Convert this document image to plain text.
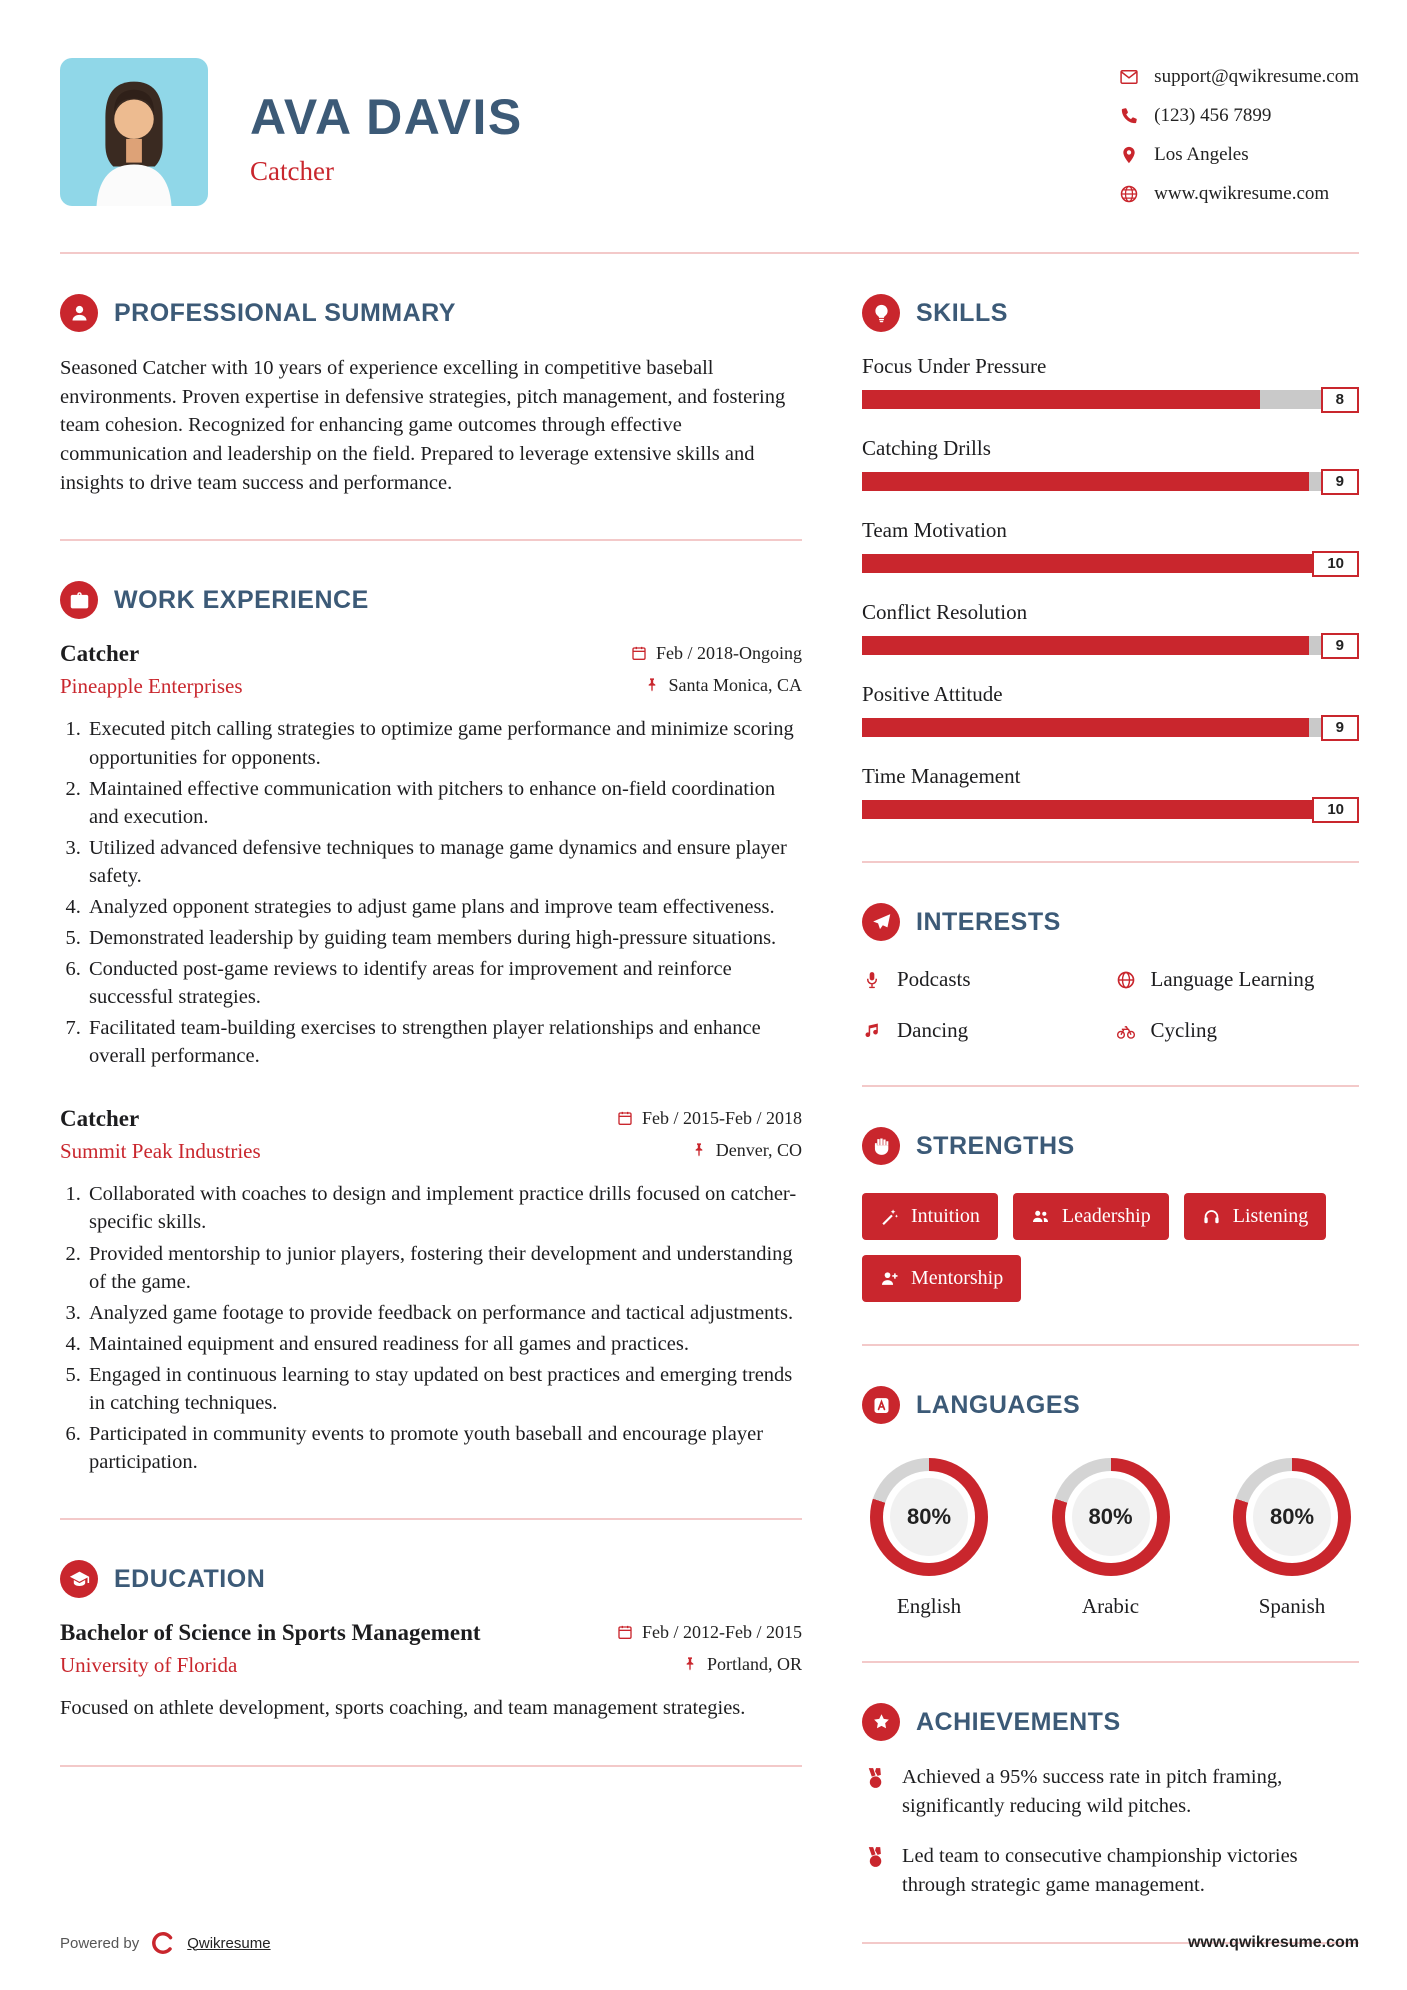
AVA DAVIS
Catcher
support@qwikresume.com
(123) 456 7899
Los Angeles
www.qwikresume.com
PROFESSIONAL SUMMARY

Seasoned Catcher with 10 years of experience excelling in competitive baseball environments. Proven expertise in defensive strategies, pitch management, and fostering team cohesion. Recognized for enhancing game outcomes through effective communication and leadership on the field. Prepared to leverage extensive skills and insights to drive team success and performance.

WORK EXPERIENCE
Catcher	Feb / 2018-Ongoing
Pineapple Enterprises	Santa Monica, CA
1. Executed pitch calling strategies to optimize game performance and minimize scoring opportunities for opponents.
2. Maintained effective communication with pitchers to enhance on-field coordination and execution.
3. Utilized advanced defensive techniques to manage game dynamics and ensure player safety.
4. Analyzed opponent strategies to adjust game plans and improve team effectiveness.
5. Demonstrated leadership by guiding team members during high-pressure situations.
6. Conducted post-game reviews to identify areas for improvement and reinforce successful strategies.
7. Facilitated team-building exercises to strengthen player relationships and enhance overall performance.
Catcher	Feb / 2015-Feb / 2018
Summit Peak Industries	Denver, CO
1. Collaborated with coaches to design and implement practice drills focused on catcher-specific skills.
2. Provided mentorship to junior players, fostering their development and understanding of the game.
3. Analyzed game footage to provide feedback on performance and tactical adjustments.
4. Maintained equipment and ensured readiness for all games and practices.
5. Engaged in continuous learning to stay updated on best practices and emerging trends in catching techniques.
6. Participated in community events to promote youth baseball and encourage player participation.
EDUCATION
Bachelor of Science in Sports Management	Feb / 2012-Feb / 2015
University of Florida	Portland, OR

Focused on athlete development, sports coaching, and team management strategies.

SKILLS
Focus Under Pressure
8
Catching Drills
9
Team Motivation
10
Conflict Resolution
9
Positive Attitude
9
Time Management
10
INTERESTS
Podcasts	Language Learning
Dancing	Cycling
STRENGTHS
Intuition	Leadership	Listening
Mentorship
LANGUAGES
80%
English
80%
Arabic
80%
Spanish
ACHIEVEMENTS
Achieved a 95% success rate in pitch framing, significantly reducing wild pitches.
Led team to consecutive championship victories through strategic game management.
Powered by	Qwikresume	www.qwikresume.com
